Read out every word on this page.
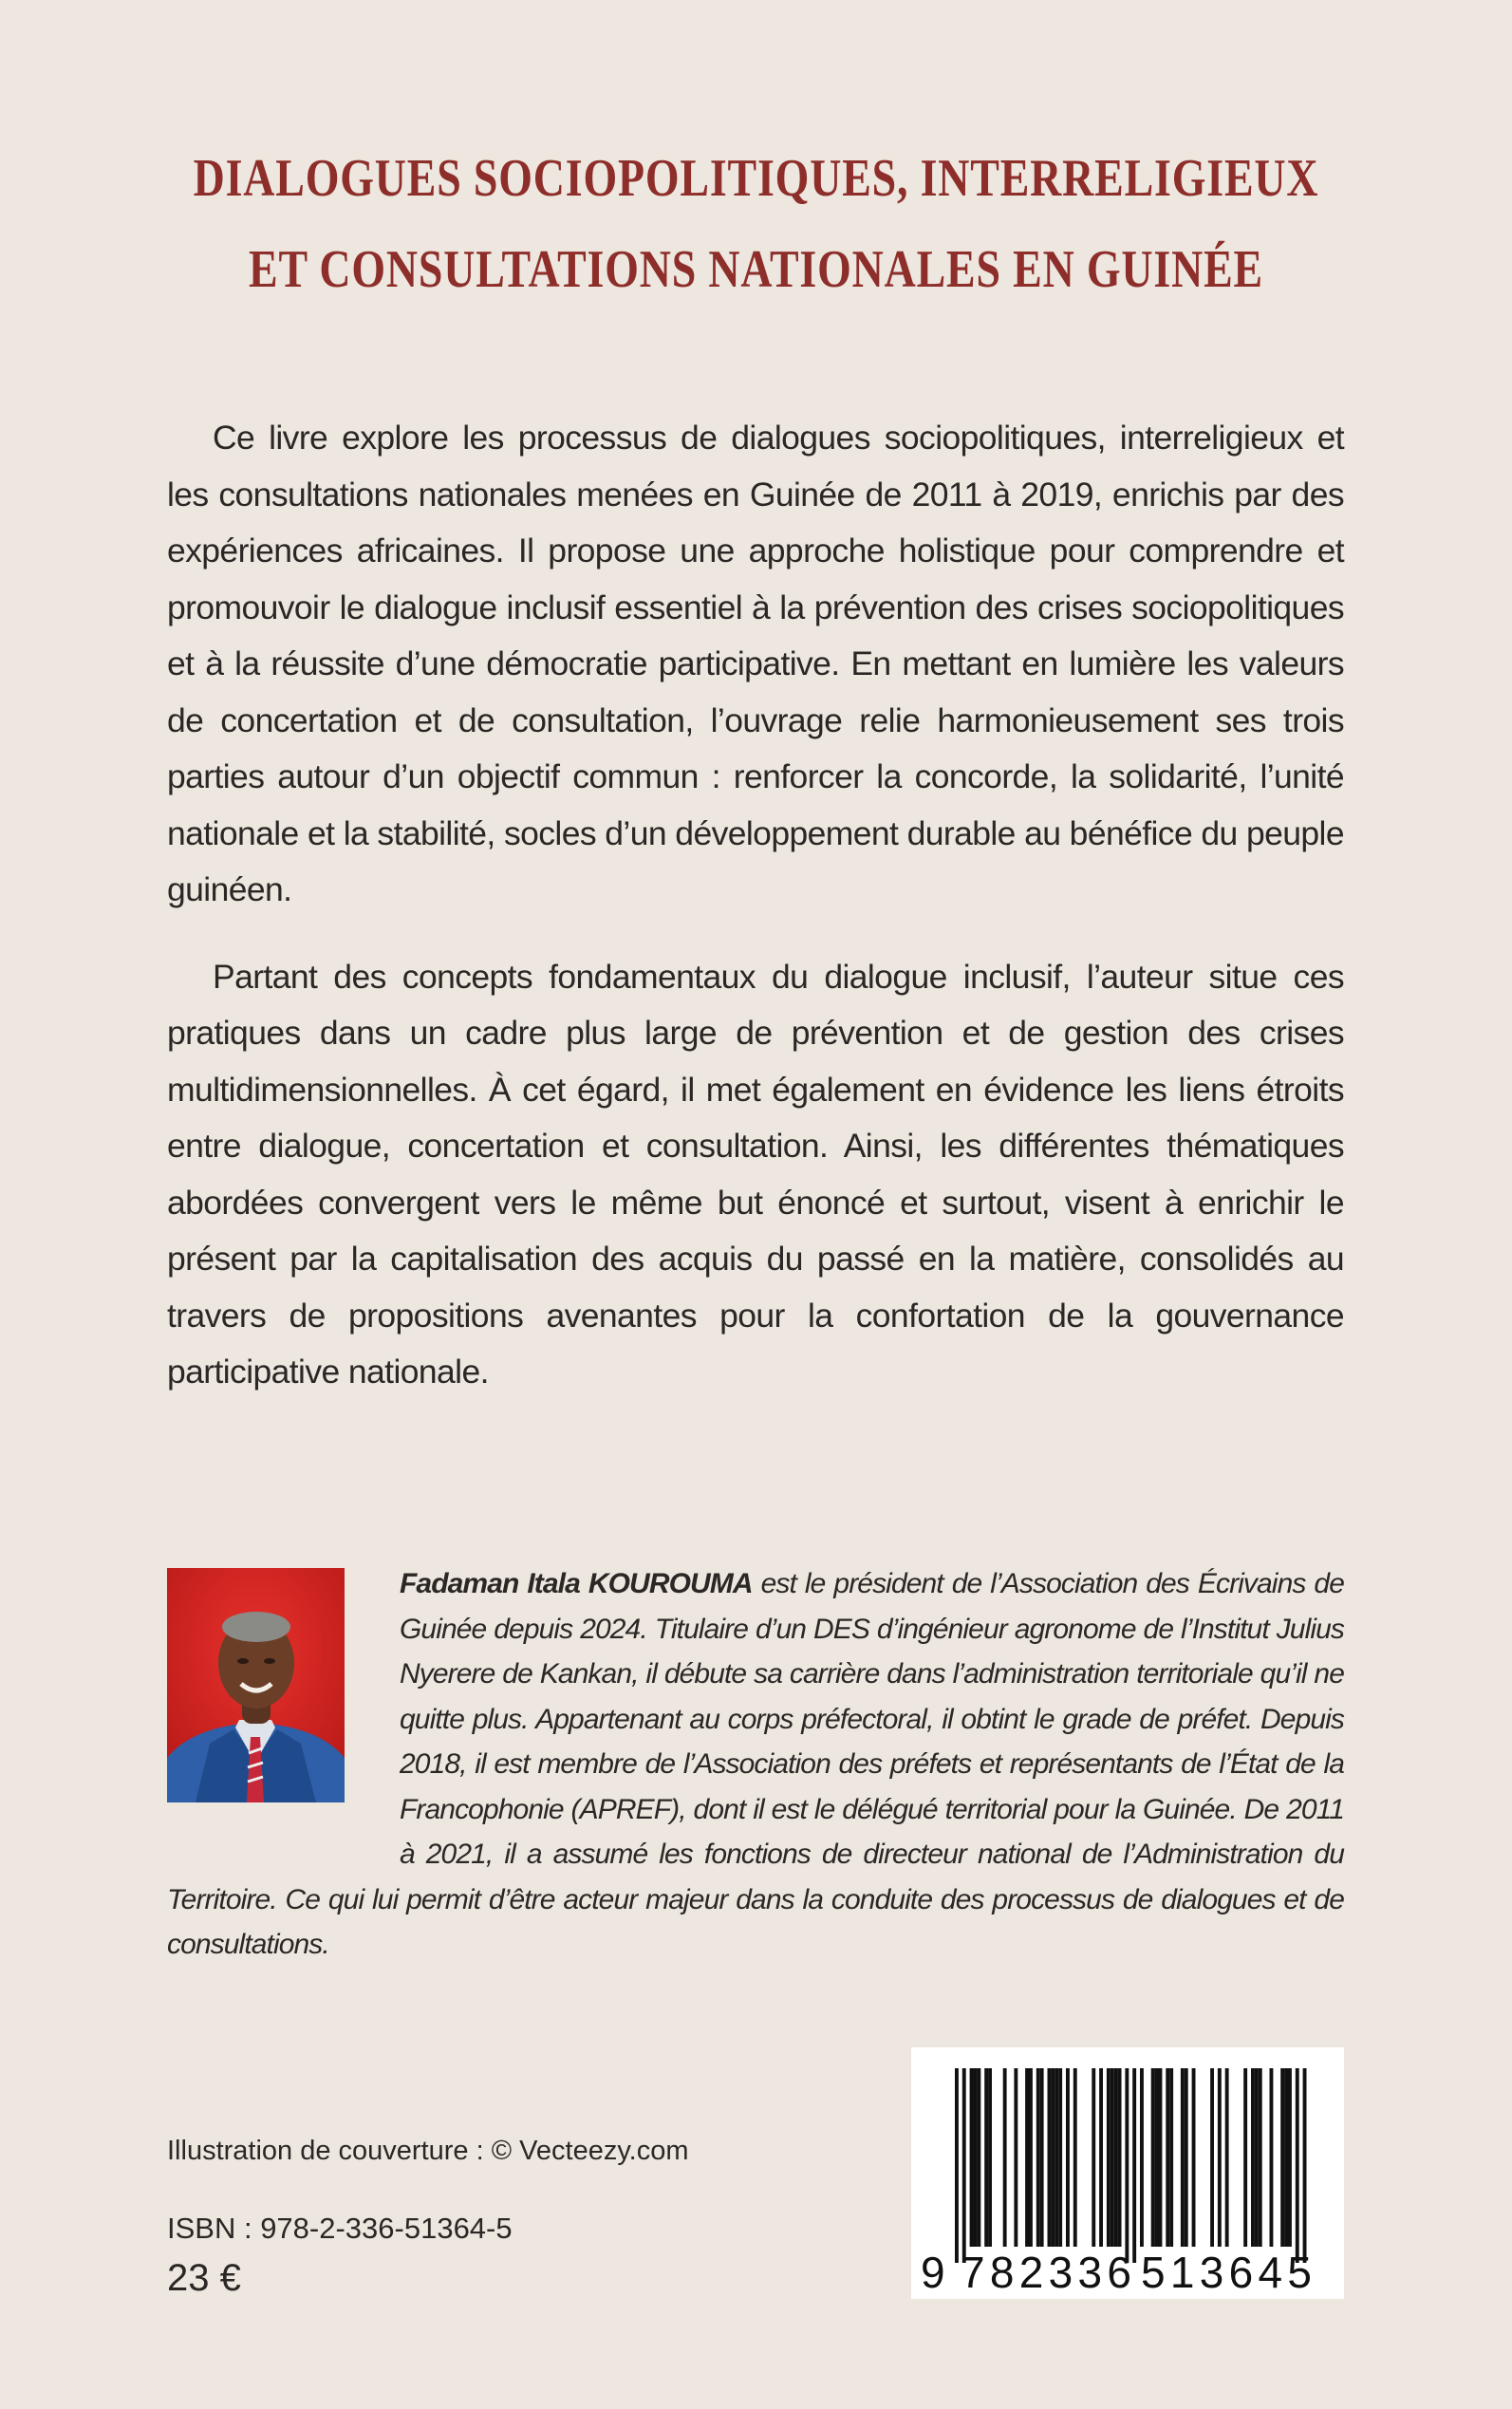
DIALOGUES SOCIOPOLITIQUES, INTERRELIGIEUX
ET CONSULTATIONS NATIONALES EN GUINÉE

Ce livre explore les processus de dialogues sociopolitiques, interreligieux et les consultations nationales menées en Guinée de 2011 à 2019, enrichis par des expériences africaines. Il propose une approche holistique pour comprendre et promouvoir le dialogue inclusif essentiel à la prévention des crises sociopolitiques et à la réussite d’une démocratie participative. En mettant en lumière les valeurs de concertation et de consultation, l’ouvrage relie harmonieusement ses trois parties autour d’un objectif commun : renforcer la concorde, la solidarité, l’unité nationale et la stabilité, socles d’un développement durable au bénéfice du peuple guinéen.

Partant des concepts fondamentaux du dialogue inclusif, l’auteur situe ces pratiques dans un cadre plus large de prévention et de gestion des crises multidimensionnelles. À cet égard, il met également en évidence les liens étroits entre dialogue, concertation et consultation. Ainsi, les différentes thématiques abordées convergent vers le même but énoncé et surtout, visent à enrichir le présent par la capitalisation des acquis du passé en la matière, consolidés au travers de propositions avenantes pour la confortation de la gouvernance participative nationale.

Fadaman Itala KOUROUMA est le président de l’Association des Écrivains de Guinée depuis 2024. Titulaire d’un DES d’ingénieur agronome de l’Institut Julius Nyerere de Kankan, il débute sa carrière dans l’administration territoriale qu’il ne quitte plus. Appartenant au corps préfectoral, il obtint le grade de préfet. Depuis 2018, il est membre de l’Association des préfets et représentants de l’État de la Francophonie (APREF), dont il est le délégué territorial pour la Guinée. De 2011 à 2021, il a assumé les fonctions de directeur national de l’Administration du Territoire. Ce qui lui permit d’être acteur majeur dans la conduite des processus de dialogues et de consultations.
Illustration de couverture : © Vecteezy.com
ISBN : 978-2-336-51364-5
23 €	9 782336 513645
